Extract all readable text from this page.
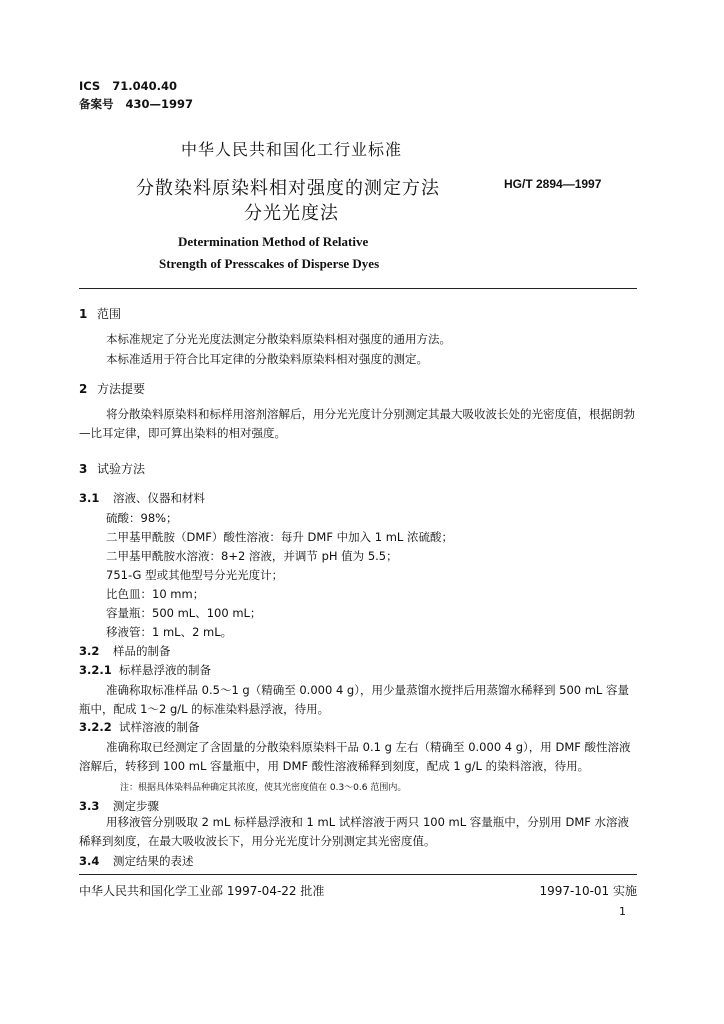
ICS 71.040.40
备案号 430—1997
中华人民共和国化工行业标准
分散染料原染料相对强度的测定方法
分光光度法
HG/T 2894—1997
Determination Method of Relative
Strength of Presscakes of Disperse Dyes
1 范围
本标准规定了分光光度法测定分散染料原染料相对强度的通用方法。
本标准适用于符合比耳定律的分散染料原染料相对强度的测定。
2 方法提要
将分散染料原染料和标样用溶剂溶解后，用分光光度计分别测定其最大吸收波长处的光密度值，根据朗勃—比耳定律，即可算出染料的相对强度。
3 试验方法
3.1 溶液、仪器和材料
硫酸：98%；
二甲基甲酰胺（DMF）酸性溶液：每升 DMF 中加入 1 mL 浓硫酸；
二甲基甲酰胺水溶液：8+2 溶液，并调节 pH 值为 5.5；
751-G 型或其他型号分光光度计；
比色皿：10 mm；
容量瓶：500 mL、100 mL；
移液管：1 mL、2 mL。
3.2 样品的制备
3.2.1 标样悬浮液的制备
准确称取标准样品 0.5～1 g（精确至 0.000 4 g），用少量蒸馏水搅拌后用蒸馏水稀释到 500 mL 容量瓶中，配成 1～2 g/L 的标准染料悬浮液，待用。
3.2.2 试样溶液的制备
准确称取已经测定了含固量的分散染料原染料干品 0.1 g 左右（精确至 0.000 4 g），用 DMF 酸性溶液溶解后，转移到 100 mL 容量瓶中，用 DMF 酸性溶液稀释到刻度，配成 1 g/L 的染料溶液，待用。
注：根据具体染料品种确定其浓度，使其光密度值在 0.3～0.6 范围内。
3.3 测定步骤
用移液管分别吸取 2 mL 标样悬浮液和 1 mL 试样溶液于两只 100 mL 容量瓶中，分别用 DMF 水溶液稀释到刻度，在最大吸收波长下，用分光光度计分别测定其光密度值。
3.4 测定结果的表述
中华人民共和国化学工业部 1997-04-22 批准	1997-10-01 实施
1
